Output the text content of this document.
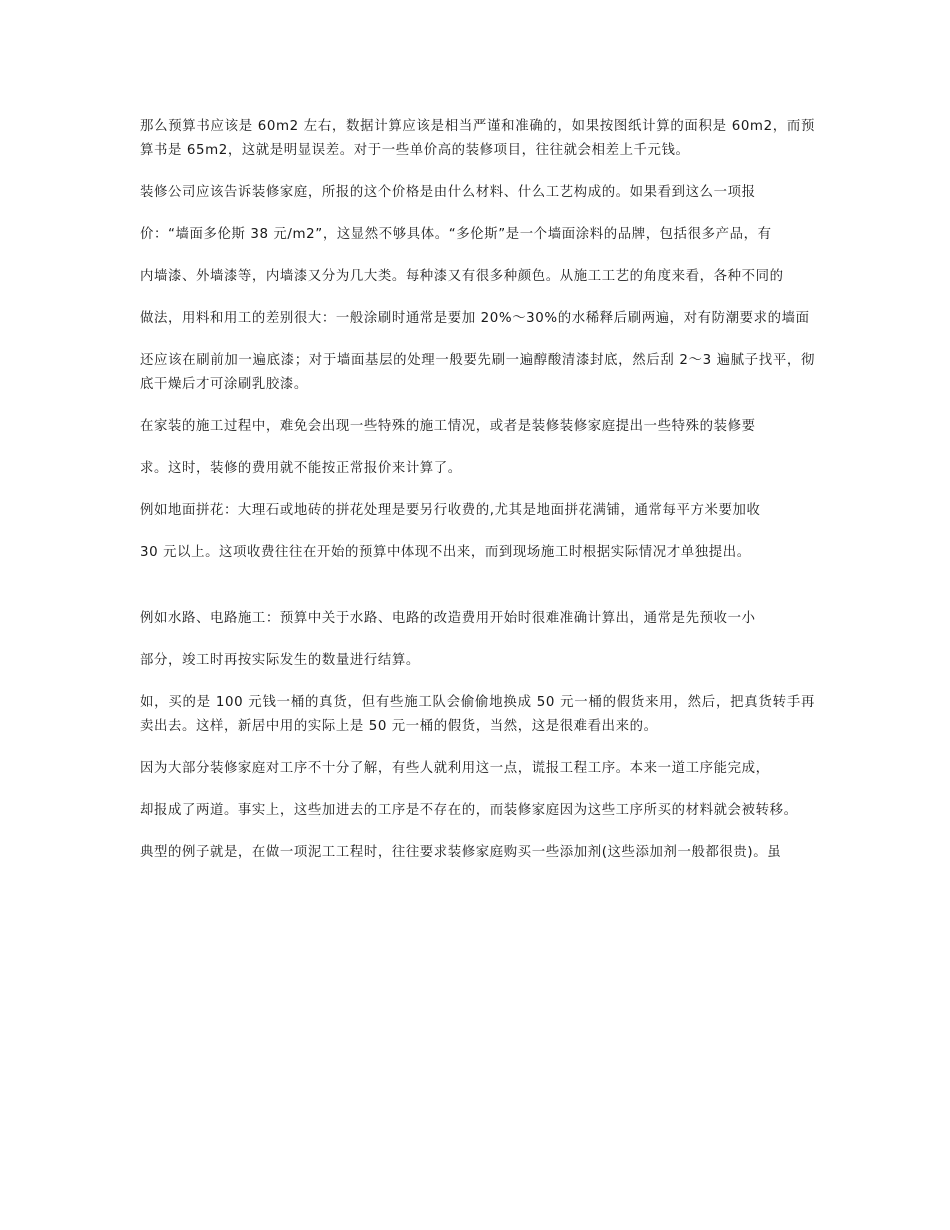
那么预算书应该是 60m2 左右，数据计算应该是相当严谨和准确的，如果按图纸计算的面积是 60m2，而预算书是 65m2，这就是明显误差。对于一些单价高的装修项目，往往就会相差上千元钱。

装修公司应该告诉装修家庭，所报的这个价格是由什么材料、什么工艺构成的。如果看到这么一项报

价：“墙面多伦斯 38 元/m2”，这显然不够具体。“多伦斯”是一个墙面涂料的品牌，包括很多产品，有

内墙漆、外墙漆等，内墙漆又分为几大类。每种漆又有很多种颜色。从施工工艺的角度来看，各种不同的

做法，用料和用工的差别很大：一般涂刷时通常是要加 20%～30%的水稀释后刷两遍，对有防潮要求的墙面

还应该在刷前加一遍底漆；对于墙面基层的处理一般要先刷一遍醇酸清漆封底，然后刮 2～3 遍腻子找平，彻底干燥后才可涂刷乳胶漆。

在家装的施工过程中，难免会出现一些特殊的施工情况，或者是装修装修家庭提出一些特殊的装修要

求。这时，装修的费用就不能按正常报价来计算了。

例如地面拼花：大理石或地砖的拼花处理是要另行收费的,尤其是地面拼花满铺，通常每平方米要加收

30 元以上。这项收费往往在开始的预算中体现不出来，而到现场施工时根据实际情况才单独提出。

例如水路、电路施工：预算中关于水路、电路的改造费用开始时很难准确计算出，通常是先预收一小

部分，竣工时再按实际发生的数量进行结算。

如，买的是 100 元钱一桶的真货，但有些施工队会偷偷地换成 50 元一桶的假货来用，然后，把真货转手再卖出去。这样，新居中用的实际上是 50 元一桶的假货，当然，这是很难看出来的。

因为大部分装修家庭对工序不十分了解，有些人就利用这一点，谎报工程工序。本来一道工序能完成，

却报成了两道。事实上，这些加进去的工序是不存在的，而装修家庭因为这些工序所买的材料就会被转移。

典型的例子就是，在做一项泥工工程时，往往要求装修家庭购买一些添加剂(这些添加剂一般都很贵)。虽
